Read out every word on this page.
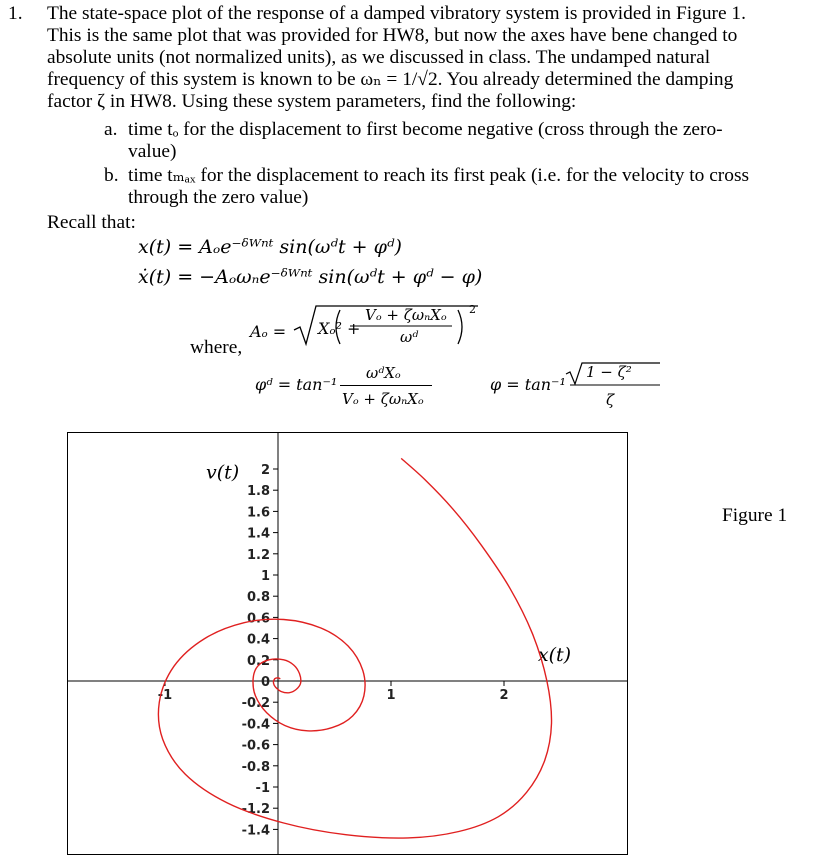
1. The state-space plot of the response of a damped vibratory system is provided in Figure 1.
This is the same plot that was provided for HW8, but now the axes have bene changed to
absolute units (not normalized units), as we discussed in class. The undamped natural
frequency of this system is known to be ωₙ = 1/√2. You already determined the damping
factor ζ in HW8. Using these system parameters, find the following:
a. time tₒ for the displacement to first become negative (cross through the zero-
value)
b. time tₘₐₓ for the displacement to reach its first peak (i.e. for the velocity to cross
through the zero value)
Recall that:
x(t) = Aₒe⁻ᵟᵂⁿᵗ sin(ωᵈt + φᵈ)
ẋ(t) = −Aₒωₙe⁻ᵟᵂⁿᵗ sin(ωᵈt + φᵈ − φ)
where,
Aₒ = Xₒ² +
Vₒ + ζωₙXₒ
ωᵈ
2
φᵈ = tan⁻¹
ωᵈXₒ
Vₒ + ζωₙXₒ
φ = tan⁻¹
1 − ζ²
ζ
Figure 1
2
1.8
1.6
1.4
1.2
1
0.8
0.6
0.4
0.2
0
-0.2
-0.4
-0.6
-0.8
-1
-1.2
-1.4
-1	1	2
x(t)
v(t)
